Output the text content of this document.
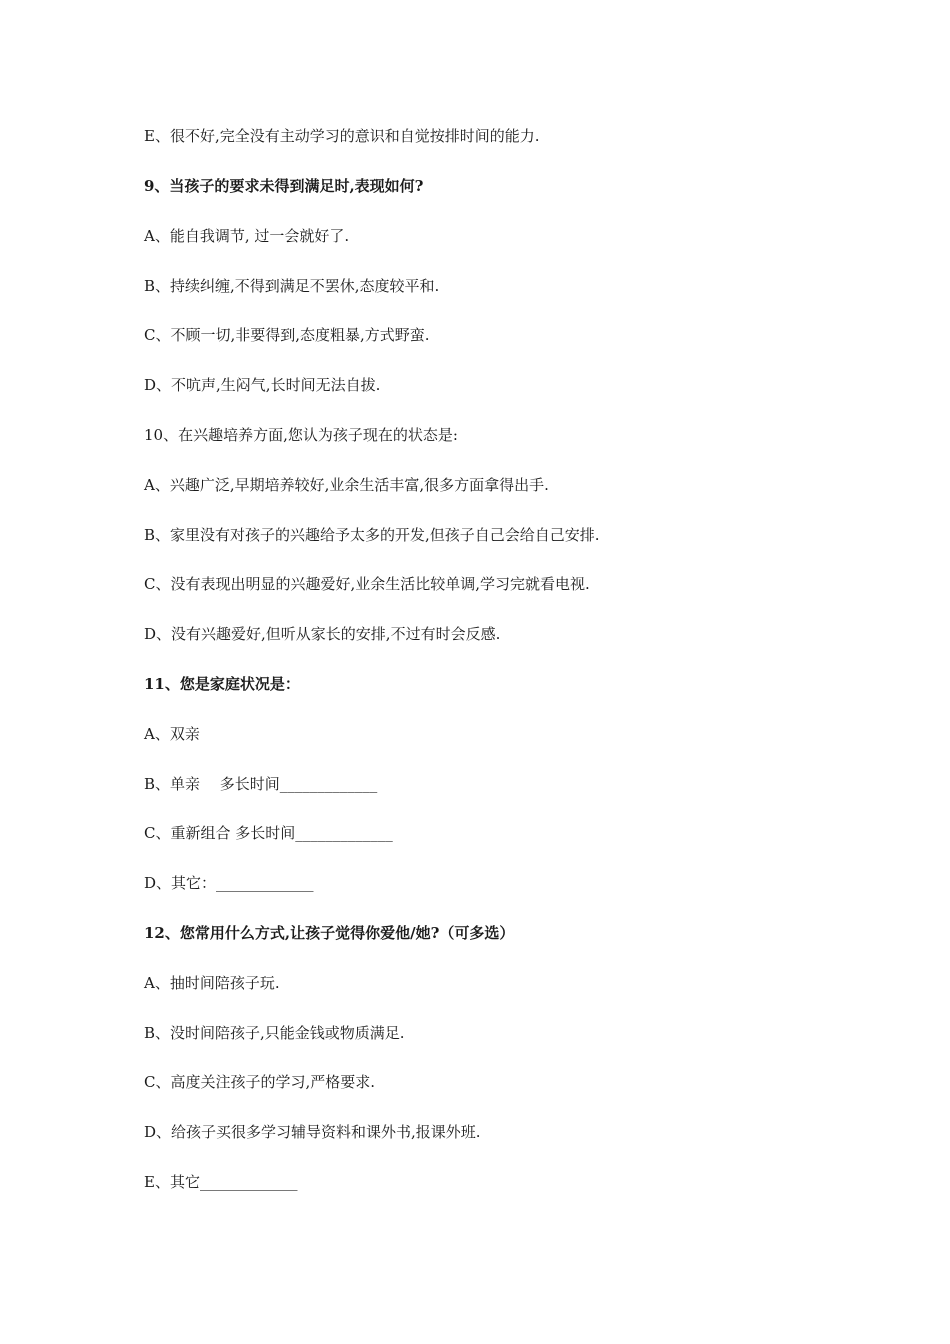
E、很不好,完全没有主动学习的意识和自觉按排时间的能力.
9、当孩子的要求未得到满足时,表现如何?
A、能自我调节, 过一会就好了.
B、持续纠缠,不得到满足不罢休,态度较平和.
C、不顾一切,非要得到,态度粗暴,方式野蛮.
D、不吭声,生闷气,长时间无法自拔.
10、在兴趣培养方面,您认为孩子现在的状态是:
A、兴趣广泛,早期培养较好,业余生活丰富,很多方面拿得出手.
B、家里没有对孩子的兴趣给予太多的开发,但孩子自己会给自己安排.
C、没有表现出明显的兴趣爱好,业余生活比较单调,学习完就看电视.
D、没有兴趣爱好,但听从家长的安排,不过有时会反感.
11、您是家庭状况是：
A、双亲
B、单亲　 多长时间_____________
C、重新组合 多长时间_____________
D、其它：_____________
12、您常用什么方式,让孩子觉得你爱他/她?（可多选）
A、抽时间陪孩子玩.
B、没时间陪孩子,只能金钱或物质满足.
C、高度关注孩子的学习,严格要求.
D、给孩子买很多学习辅导资料和课外书,报课外班.
E、其它_____________
